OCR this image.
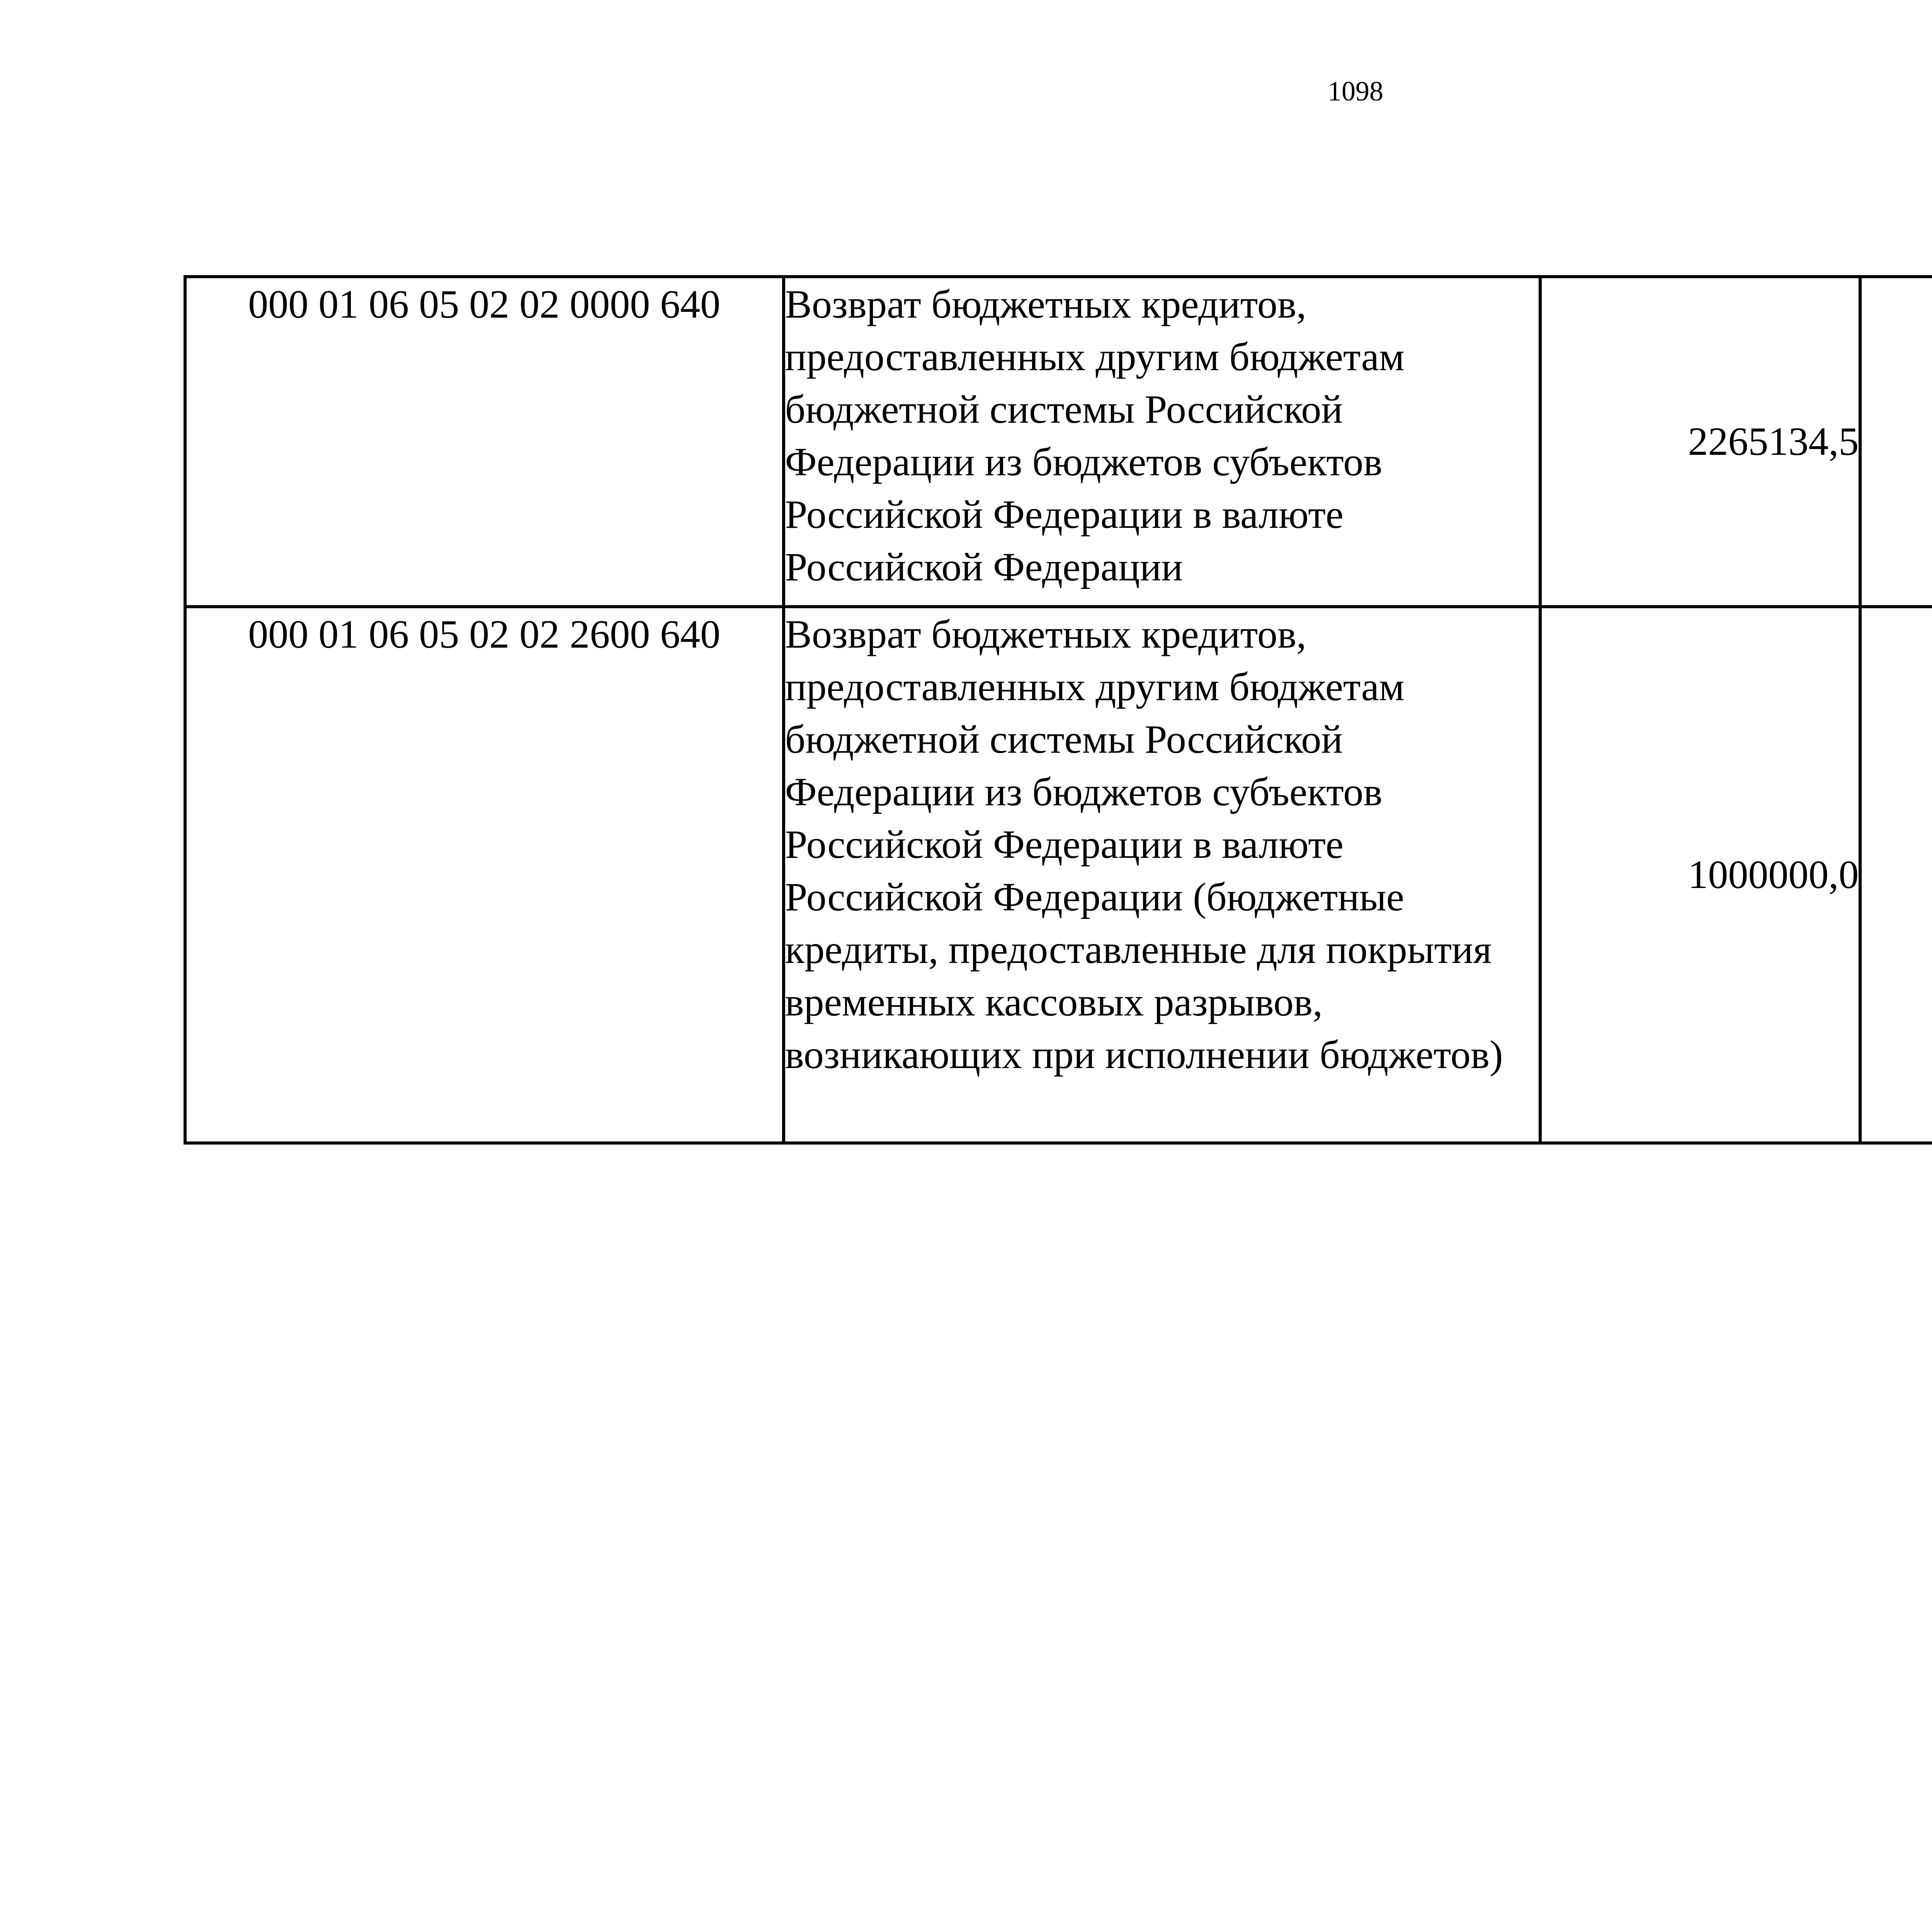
1098
000 01 06 05 02 02 0000 640	Возврат бюджетных кредитов, предоставленных другим бюджетам бюджетной системы Российской Федерации из бюджетов субъектов Российской Федерации в валюте Российской Федерации	2265134,5		
000 01 06 05 02 02 2600 640	Возврат бюджетных кредитов, предоставленных другим бюджетам бюджетной системы Российской Федерации из бюджетов субъектов Российской Федерации в валюте Российской Федерации (бюджетные кредиты, предоставленные для покрытия временных кассовых разрывов, возникающих при исполнении бюджетов)	1000000,0		
